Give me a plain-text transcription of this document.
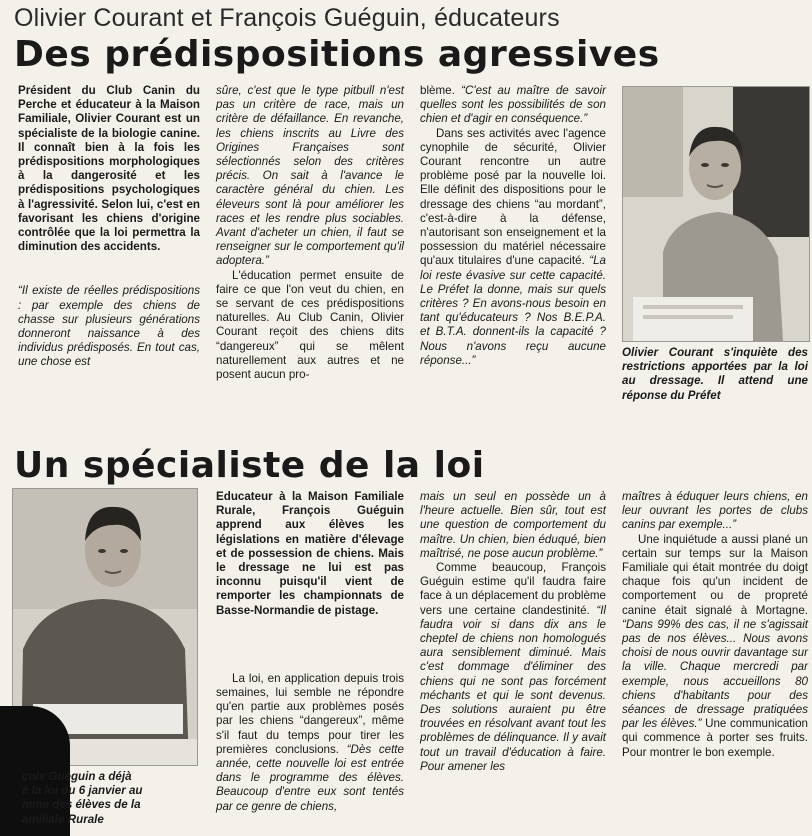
Olivier Courant et François Guéguin, éducateurs
Des prédispositions agressives

Président du Club Canin du Perche et éducateur à la Maison Familiale, Olivier Courant est un spécialiste de la biologie canine. Il connaît bien à la fois les prédispositions morphologiques à la dangerosité et les prédispositions psychologiques à l'agressivité. Selon lui, c'est en favorisant les chiens d'origine contrôlée que la loi permettra la diminution des accidents.

“Il existe de réelles prédispositions : par exemple des chiens de chasse sur plusieurs générations donneront naissance à des individus prédisposés. En tout cas, une chose est

sûre, c'est que le type pitbull n'est pas un critère de race, mais un critère de défaillance. En revanche, les chiens inscrits au Livre des Origines Françaises sont sélectionnés selon des critères précis. On sait à l'avance le caractère général du chien. Les éleveurs sont là pour améliorer les races et les rendre plus sociables. Avant d'acheter un chien, il faut se renseigner sur le comportement qu'il adoptera.”

L'éducation permet ensuite de faire ce que l'on veut du chien, en se servant de ces prédispositions naturelles. Au Club Canin, Olivier Courant reçoit des chiens dits “dangereux” qui se mêlent naturellement aux autres et ne posent aucun pro-

blème. “C'est au maître de savoir quelles sont les possibilités de son chien et d'agir en conséquence.”

Dans ses activités avec l'agence cynophile de sécurité, Olivier Courant rencontre un autre problème posé par la nouvelle loi. Elle définit des dispositions pour le dressage des chiens “au mordant”, c'est-à-dire à la défense, n'autorisant son enseignement et la possession du matériel nécessaire qu'aux titulaires d'une capacité. “La loi reste évasive sur cette capacité. Le Préfet la donne, mais sur quels critères ? En avons-nous besoin en tant qu'éducateurs ? Nos B.E.P.A. et B.T.A. donnent-ils la capacité ? Nous n'avons reçu aucune réponse...”

Olivier Courant s'inquiète des restrictions apportées par la loi au dressage. Il attend une réponse du Préfet

Un spécialiste de la loi

çois Guéguin a déjà

é la loi du 6 janvier au

mme des élèves de la

amiliale Rurale

Educateur à la Maison Familiale Rurale, François Guéguin apprend aux élèves les législations en matière d'élevage et de possession de chiens. Mais le dressage ne lui est pas inconnu puisqu'il vient de remporter les championnats de Basse-Normandie de pistage.

La loi, en application depuis trois semaines, lui semble ne répondre qu'en partie aux problèmes posés par les chiens “dangereux”, même s'il faut du temps pour tirer les premières conclusions. “Dès cette année, cette nouvelle loi est entrée dans le programme des élèves. Beaucoup d'entre eux sont tentés par ce genre de chiens,

mais un seul en possède un à l'heure actuelle. Bien sûr, tout est une question de comportement du maître. Un chien, bien éduqué, bien maîtrisé, ne pose aucun problème.”

Comme beaucoup, François Guéguin estime qu'il faudra faire face à un déplacement du problème vers une certaine clandestinité. “Il faudra voir si dans dix ans le cheptel de chiens non homologués aura sensiblement diminué. Mais c'est dommage d'éliminer des chiens qui ne sont pas forcément méchants et qui le sont devenus. Des solutions auraient pu être trouvées en résolvant avant tout les problèmes de délinquance. Il y avait tout un travail d'éducation à faire. Pour amener les

maîtres à éduquer leurs chiens, en leur ouvrant les portes de clubs canins par exemple...”

Une inquiétude a aussi plané un certain sur temps sur la Maison Familiale qui était montrée du doigt chaque fois qu'un incident de comportement ou de propreté canine était signalé à Mortagne. “Dans 99% des cas, il ne s'agissait pas de nos élèves... Nous avons choisi de nous ouvrir davantage sur la ville. Chaque mercredi par exemple, nous accueillons 80 chiens d'habitants pour des séances de dressage pratiquées par les élèves.” Une communication qui commence à porter ses fruits. Pour montrer le bon exemple.
